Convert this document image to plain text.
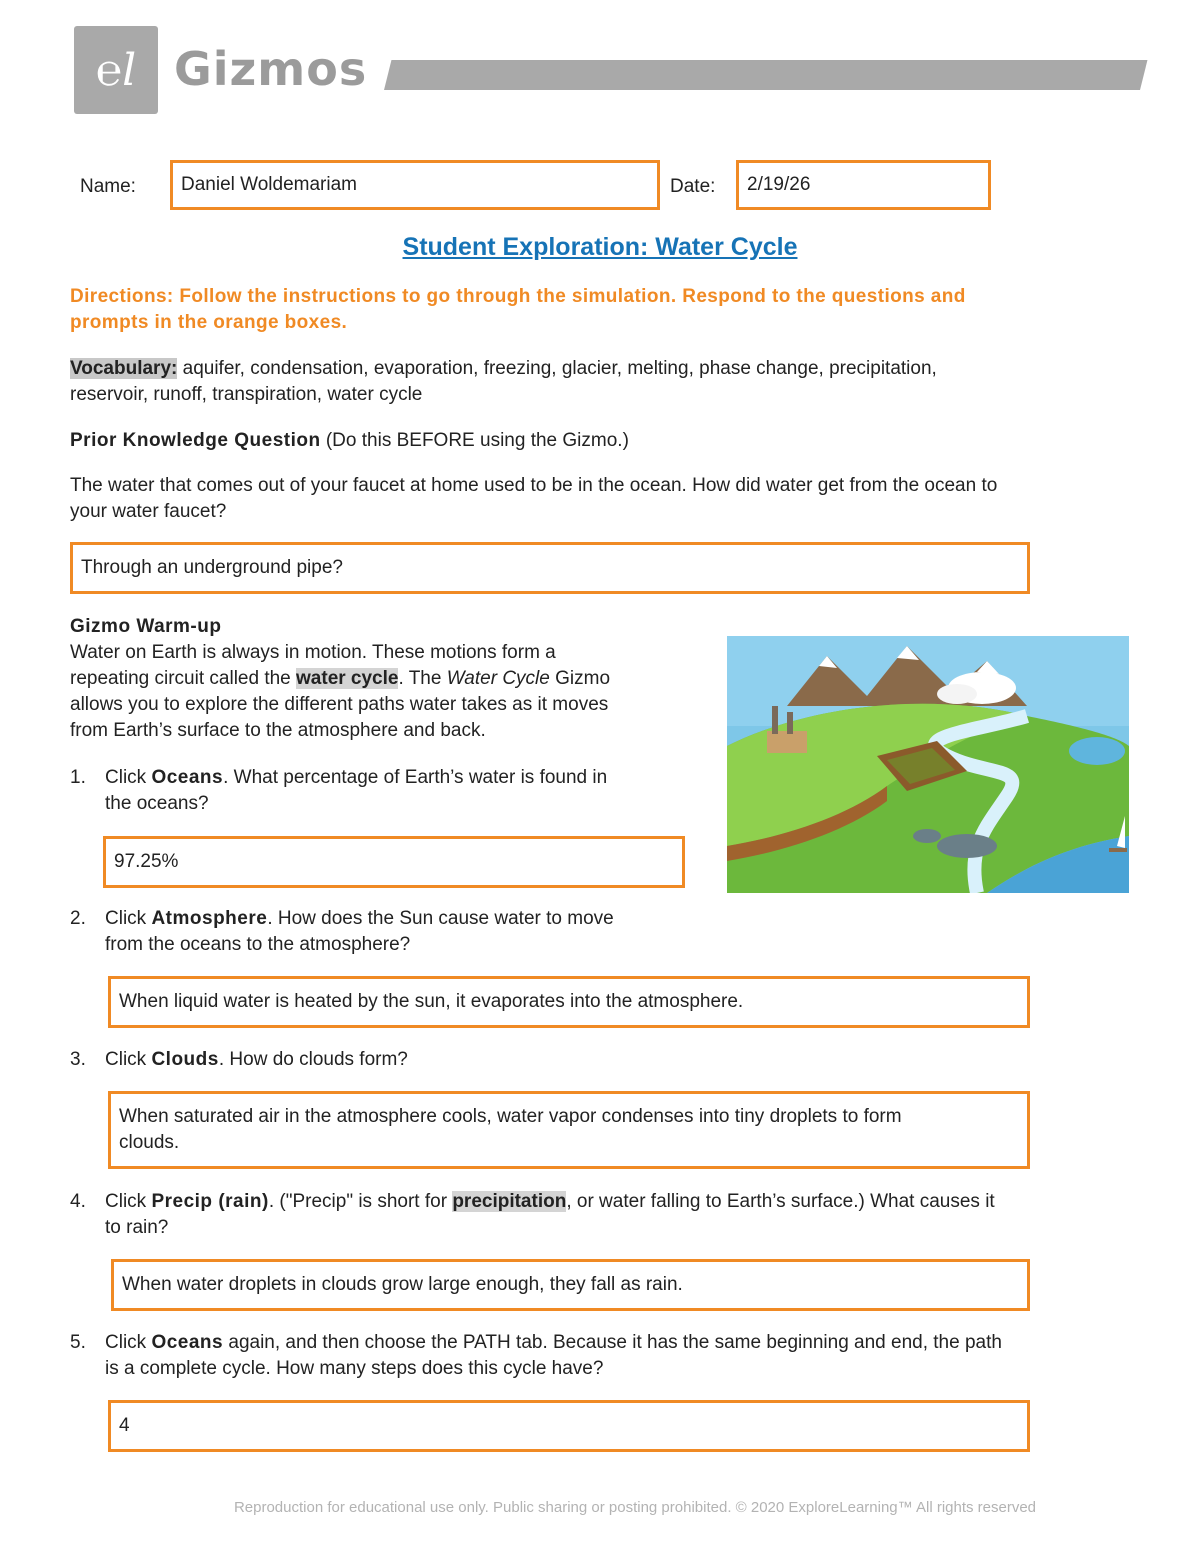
℮l Gizmos
Name: Daniel Woldemariam	Date: 2/19/26
Student Exploration: Water Cycle
Directions: Follow the instructions to go through the simulation. Respond to the questions and
prompts in the orange boxes.
Vocabulary: aquifer, condensation, evaporation, freezing, glacier, melting, phase change, precipitation,
reservoir, runoff, transpiration, water cycle
Prior Knowledge Question (Do this BEFORE using the Gizmo.)
The water that comes out of your faucet at home used to be in the ocean. How did water get from the ocean to
your water faucet?
Through an underground pipe?
Gizmo Warm-up
Water on Earth is always in motion. These motions form a
repeating circuit called the water cycle. The Water Cycle Gizmo
allows you to explore the different paths water takes as it moves
from Earth’s surface to the atmosphere and back.
1. Click Oceans. What percentage of Earth’s water is found in
the oceans?
97.25%
2. Click Atmosphere. How does the Sun cause water to move
from the oceans to the atmosphere?
When liquid water is heated by the sun, it evaporates into the atmosphere.
3. Click Clouds. How do clouds form?
When saturated air in the atmosphere cools, water vapor condenses into tiny droplets to form
clouds.
4. Click Precip (rain). ("Precip" is short for precipitation, or water falling to Earth’s surface.) What causes it
to rain?
When water droplets in clouds grow large enough, they fall as rain.
5. Click Oceans again, and then choose the PATH tab. Because it has the same beginning and end, the path
is a complete cycle. How many steps does this cycle have?
4
Reproduction for educational use only. Public sharing or posting prohibited. © 2020 ExploreLearning™ All rights reserved
